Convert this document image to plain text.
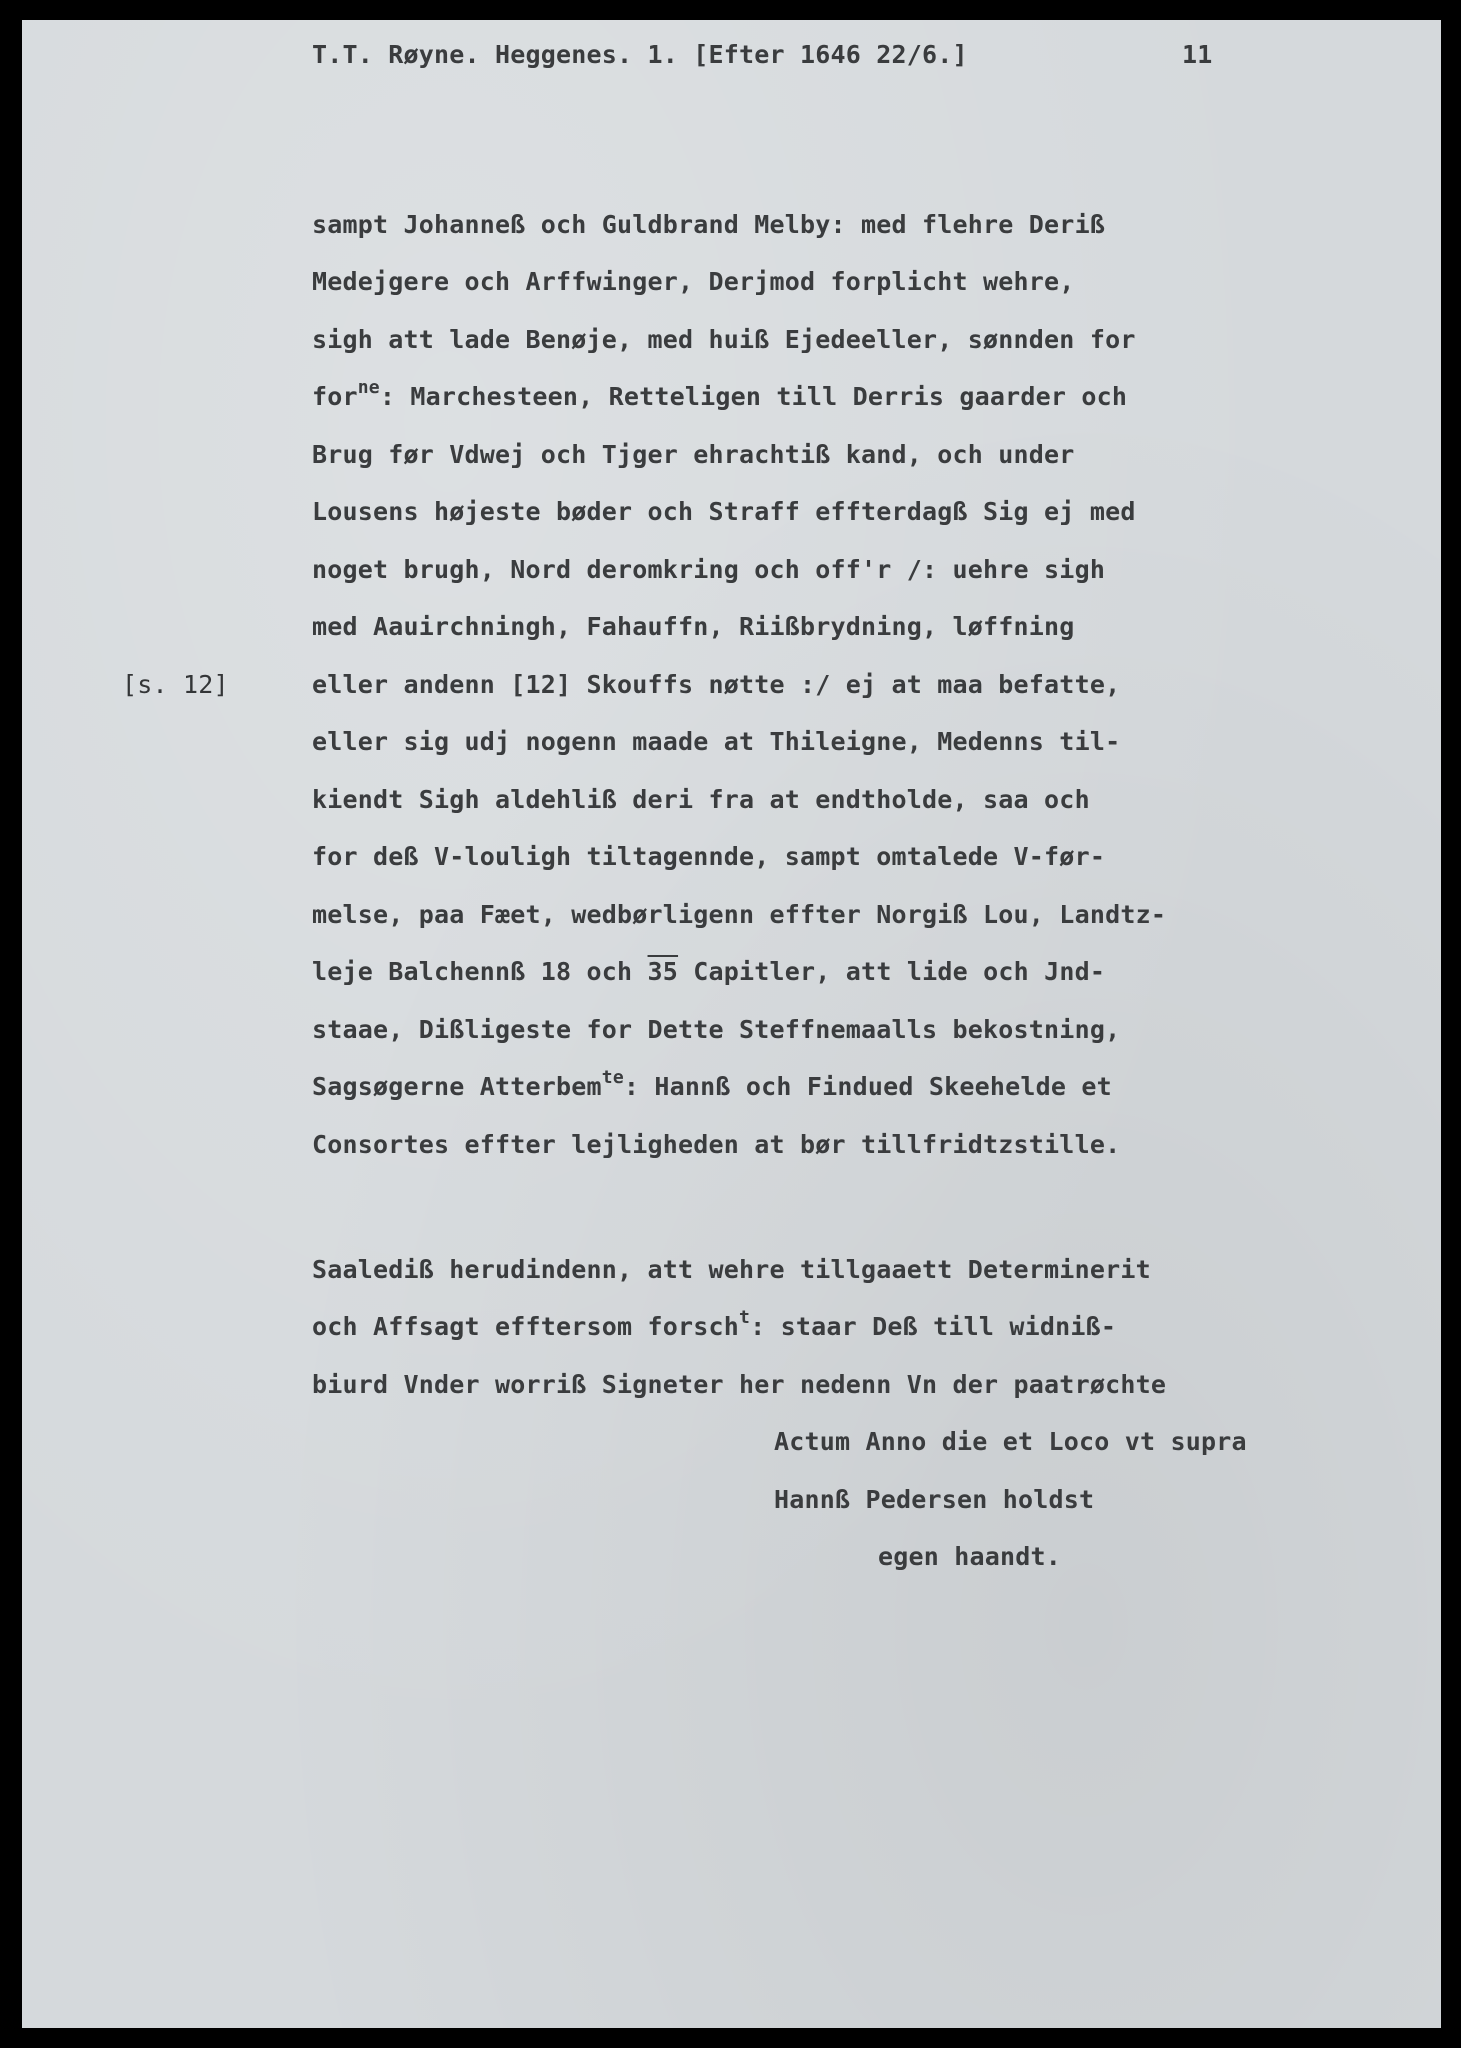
T.T. Røyne. Heggenes. 1. [Efter 1646 22/6.]	11
[s. 12]
sampt Johanneß och Guldbrand Melby: med flehre Deriß
Medejgere och Arffwinger, Derjmod forplicht wehre,
sigh att lade Benøje, med huiß Ejedeeller, sønnden for
for$^{ne}$: Marchesteen, Retteligen till Derris gaarder och
Brug før Vdwej och Tjger ehrachtiß kand, och under
Lousens højeste bøder och Straff effterdagß Sig ej med
noget brugh, Nord deromkring och off'r /: uehre sigh
med Aauirchningh, Fahauffn, Riißbrydning, løffning
eller andenn [12] Skouffs nøtte :/ ej at maa befatte,
eller sig udj nogenn maade at Thileigne, Medenns til-
kiendt Sigh aldehliß deri fra at endtholde, saa och
for deß V-louligh tiltagennde, sampt omtalede V-før-
melse, paa Fæet, wedbørligenn effter Norgiß Lou, Landtz-
leje Balchennß 18 och 35 Capitler, att lide och Jnd-
staae, Dißligeste for Dette Steffnemaalls bekostning,
Sagsøgerne Atterbem$^{te}$: Hannß och Findued Skeehelde et
Consortes effter lejligheden at bør tillfridtzstille.
Saalediß herudindenn, att wehre tillgaaett Determinerit
och Affsagt efftersom forsch$^t$: staar Deß till widniß-
biurd Vnder worriß Signeter her nedenn Vn der paatrøchte
Actum Anno die et Loco vt supra
Hannß Pedersen holdst
egen haandt.
